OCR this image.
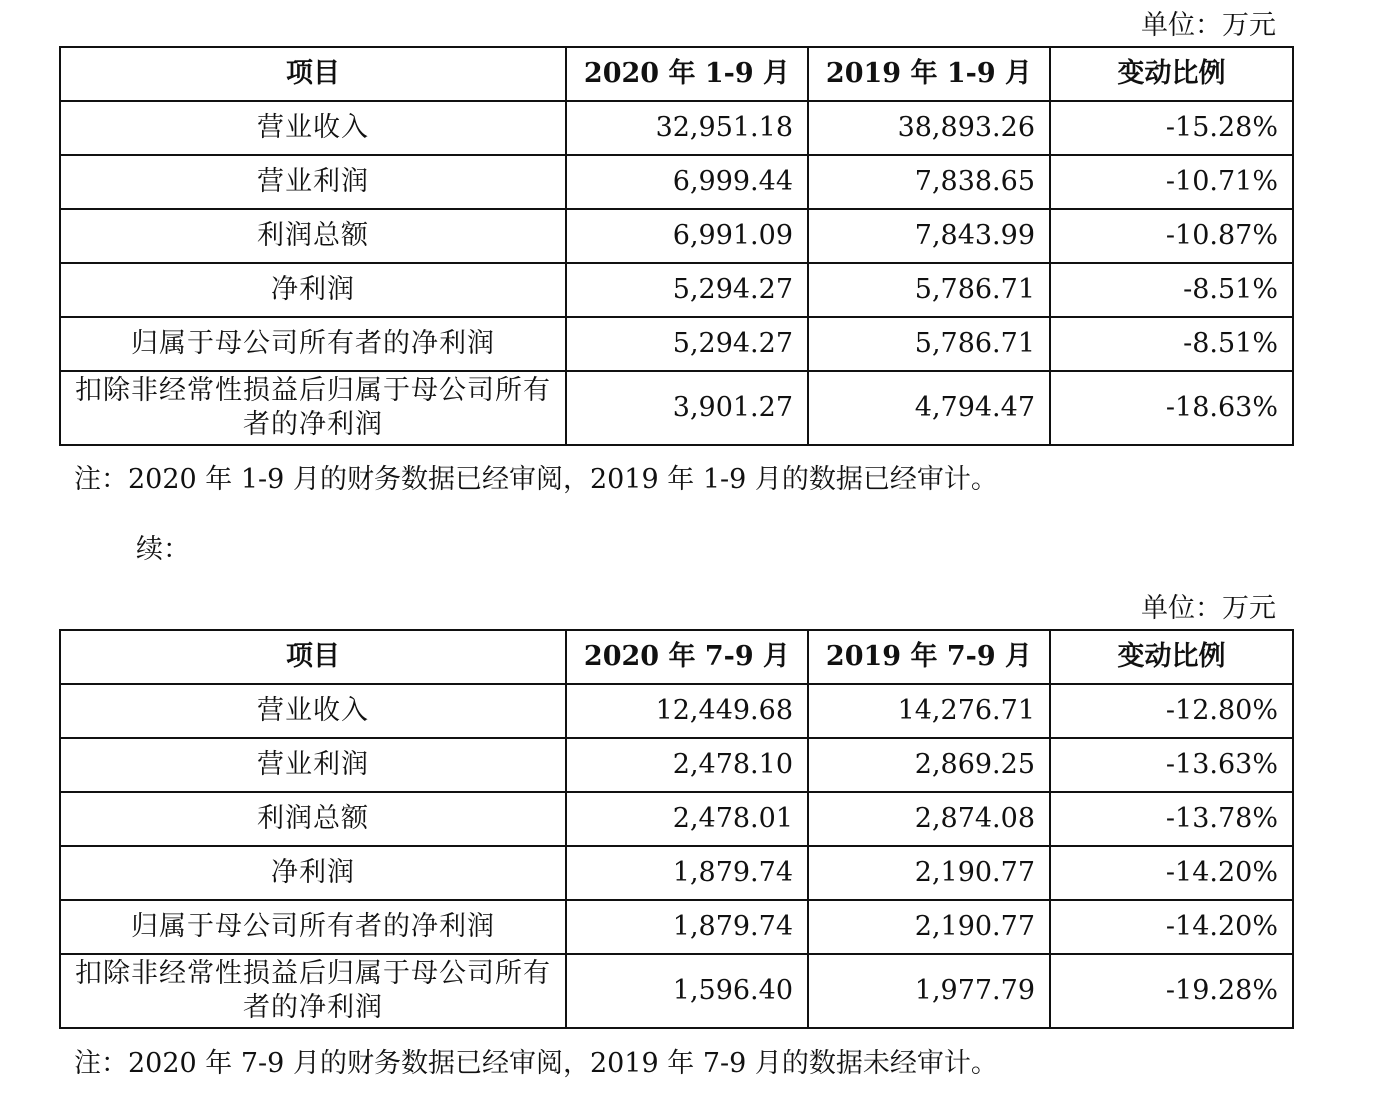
单位：万元
项目	2020 年 1-9 月	2019 年 1-9 月	变动比例
营业收入	32,951.18	38,893.26	-15.28%
营业利润	6,999.44	7,838.65	-10.71%
利润总额	6,991.09	7,843.99	-10.87%
净利润	5,294.27	5,786.71	-8.51%
归属于母公司所有者的净利润	5,294.27	5,786.71	-8.51%
扣除非经常性损益后归属于母公司所有者的净利润	3,901.27	4,794.47	-18.63%
注：2020 年 1-9 月的财务数据已经审阅，2019 年 1-9 月的数据已经审计。
续：
单位：万元
项目	2020 年 7-9 月	2019 年 7-9 月	变动比例
营业收入	12,449.68	14,276.71	-12.80%
营业利润	2,478.10	2,869.25	-13.63%
利润总额	2,478.01	2,874.08	-13.78%
净利润	1,879.74	2,190.77	-14.20%
归属于母公司所有者的净利润	1,879.74	2,190.77	-14.20%
扣除非经常性损益后归属于母公司所有者的净利润	1,596.40	1,977.79	-19.28%
注：2020 年 7-9 月的财务数据已经审阅，2019 年 7-9 月的数据未经审计。
